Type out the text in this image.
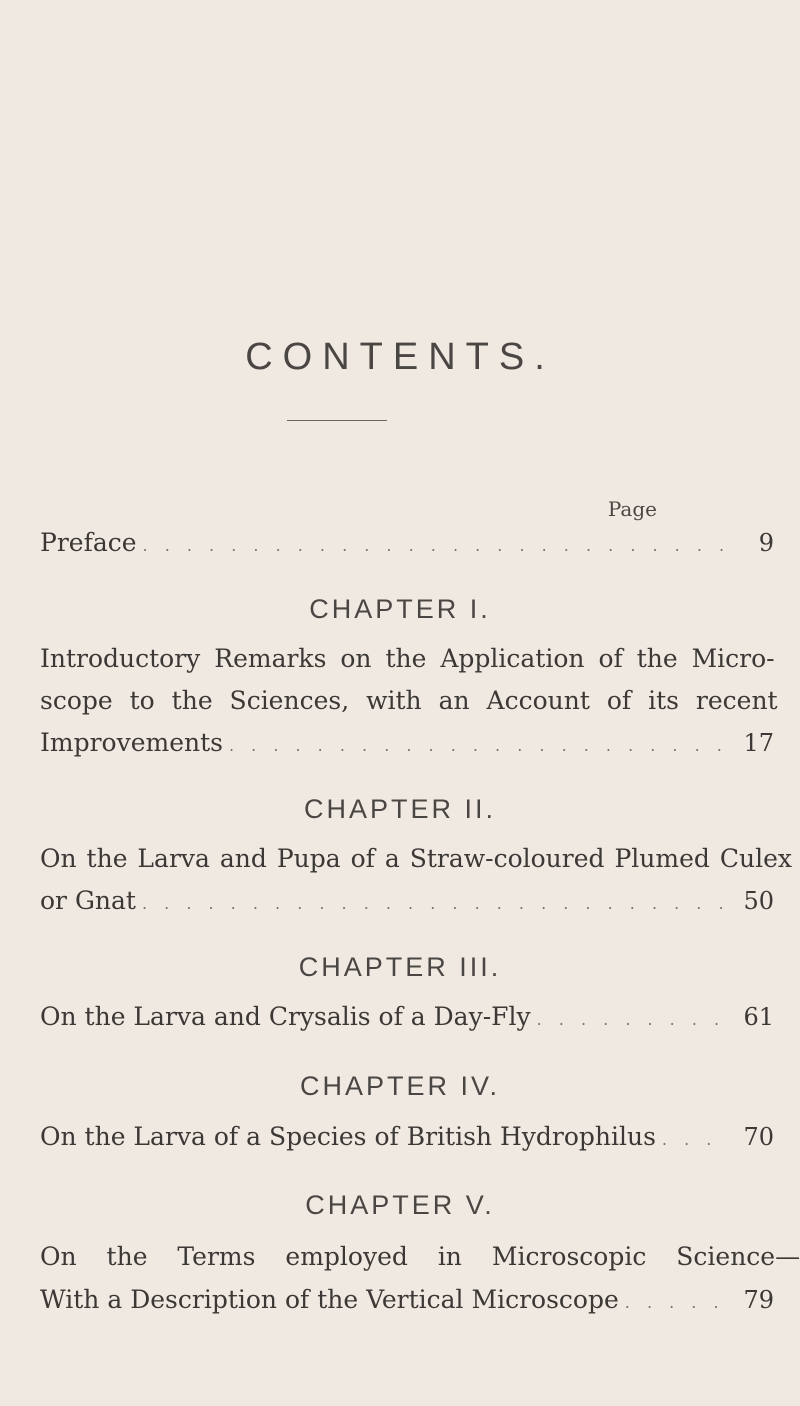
CONTENTS.
Page
Preface . . .	9
CHAPTER I.
Introductory Remarks on the Application of the Micro-
scope to the Sciences, with an Account of its recent
Improvements . . .	17
CHAPTER II.
On the Larva and Pupa of a Straw-coloured Plumed Culex
or Gnat . . .	50
CHAPTER III.
On the Larva and Crysalis of a Day-Fly . . .	61
CHAPTER IV.
On the Larva of a Species of British Hydrophilus . . .	70
CHAPTER V.
On the Terms employed in Microscopic Science—
With a Description of the Vertical Microscope . . .	79
